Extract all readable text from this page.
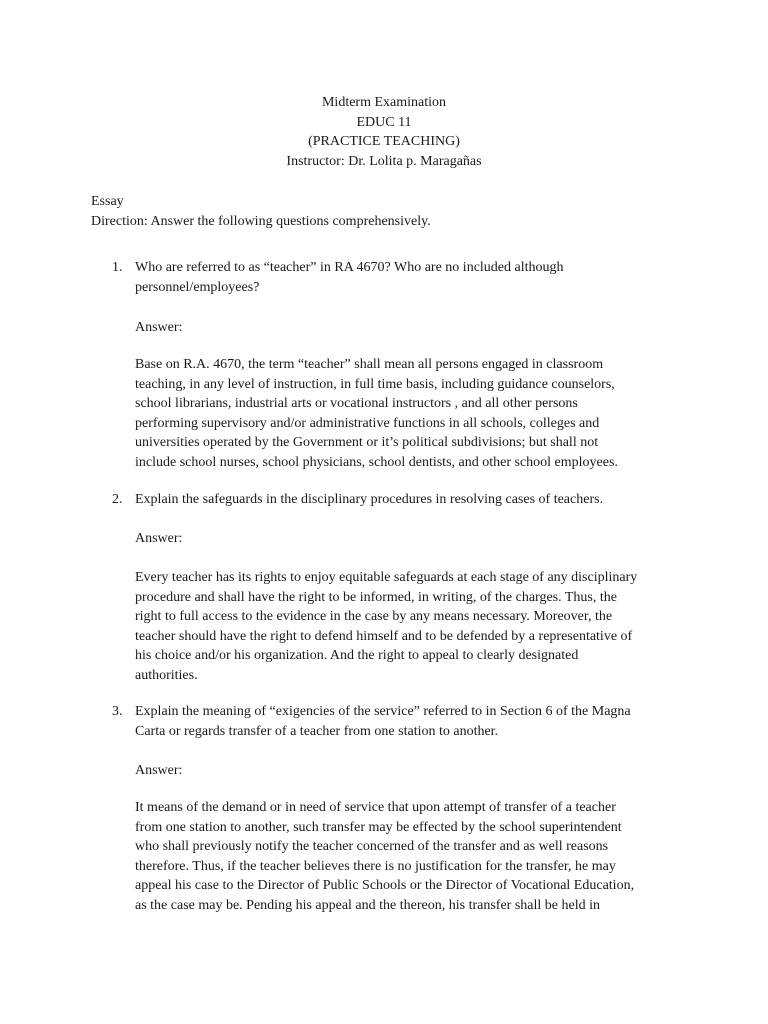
Midterm Examination
EDUC 11
(PRACTICE TEACHING)
Instructor: Dr. Lolita p. Maragañas
Essay
Direction: Answer the following questions comprehensively.
1. Who are referred to as “teacher” in RA 4670? Who are no included although
personnel/employees?
Answer:
Base on R.A. 4670, the term “teacher” shall mean all persons engaged in classroom
teaching, in any level of instruction, in full time basis, including guidance counselors,
school librarians, industrial arts or vocational instructors , and all other persons
performing supervisory and/or administrative functions in all schools, colleges and
universities operated by the Government or it’s political subdivisions; but shall not
include school nurses, school physicians, school dentists, and other school employees.
2. Explain the safeguards in the disciplinary procedures in resolving cases of teachers.
Answer:
Every teacher has its rights to enjoy equitable safeguards at each stage of any disciplinary
procedure and shall have the right to be informed, in writing, of the charges. Thus, the
right to full access to the evidence in the case by any means necessary. Moreover, the
teacher should have the right to defend himself and to be defended by a representative of
his choice and/or his organization. And the right to appeal to clearly designated
authorities.
3. Explain the meaning of “exigencies of the service” referred to in Section 6 of the Magna
Carta or regards transfer of a teacher from one station to another.
Answer:
It means of the demand or in need of service that upon attempt of transfer of a teacher
from one station to another, such transfer may be effected by the school superintendent
who shall previously notify the teacher concerned of the transfer and as well reasons
therefore. Thus, if the teacher believes there is no justification for the transfer, he may
appeal his case to the Director of Public Schools or the Director of Vocational Education,
as the case may be. Pending his appeal and the thereon, his transfer shall be held in
